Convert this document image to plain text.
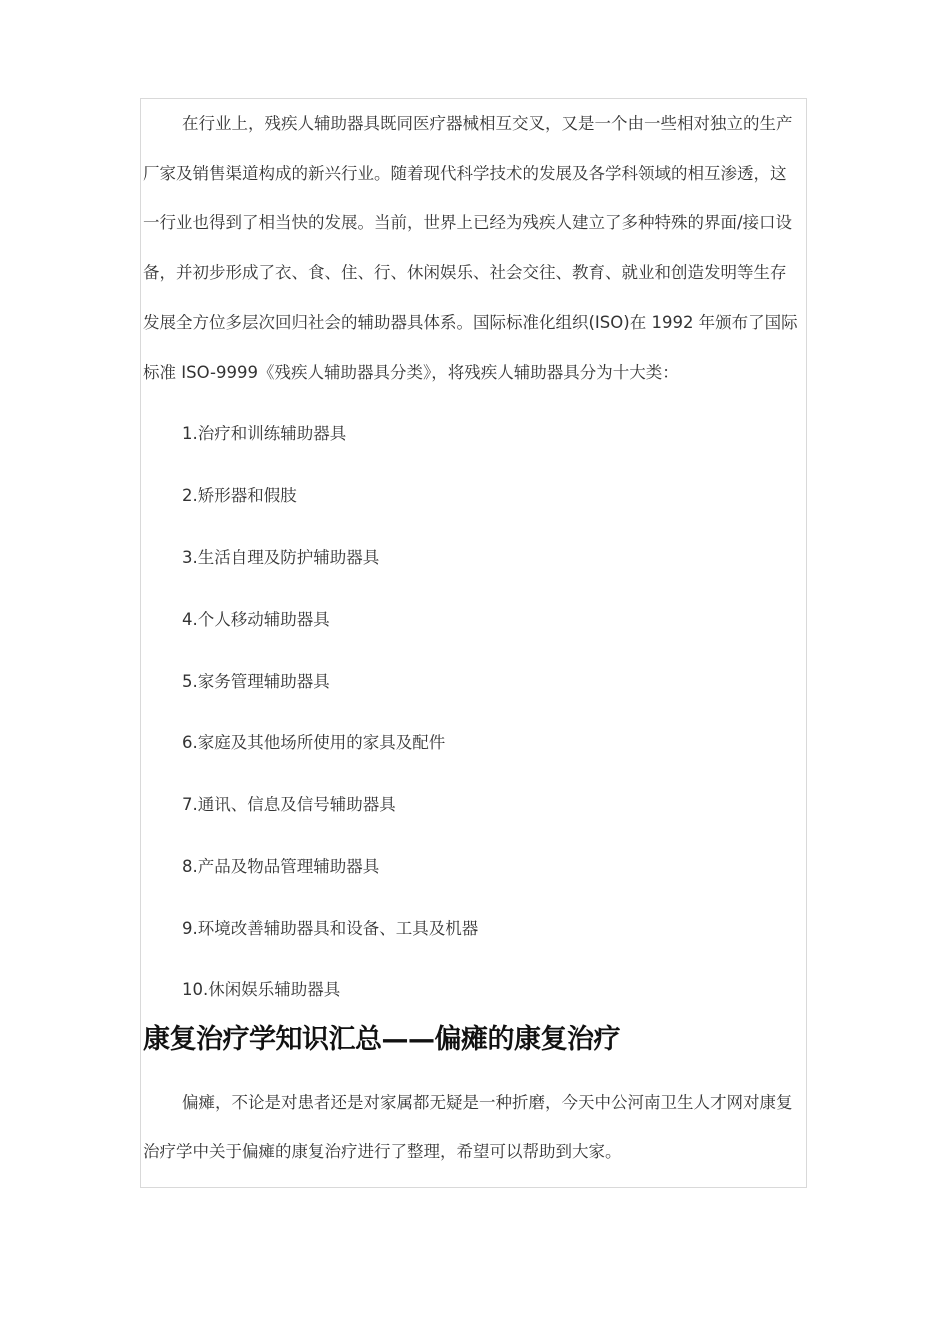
在行业上，残疾人辅助器具既同医疗器械相互交叉，又是一个由一些相对独立的生产
厂家及销售渠道构成的新兴行业。随着现代科学技术的发展及各学科领域的相互渗透，这
一行业也得到了相当快的发展。当前，世界上已经为残疾人建立了多种特殊的界面/接口设
备，并初步形成了衣、食、住、行、休闲娱乐、社会交往、教育、就业和创造发明等生存
发展全方位多层次回归社会的辅助器具体系。国际标准化组织(ISO)在 1992 年颁布了国际
标准 ISO-9999《残疾人辅助器具分类》，将残疾人辅助器具分为十大类：
1.治疗和训练辅助器具
2.矫形器和假肢
3.生活自理及防护辅助器具
4.个人移动辅助器具
5.家务管理辅助器具
6.家庭及其他场所使用的家具及配件
7.通讯、信息及信号辅助器具
8.产品及物品管理辅助器具
9.环境改善辅助器具和设备、工具及机器
10.休闲娱乐辅助器具
康复治疗学知识汇总——偏瘫的康复治疗
偏瘫，不论是对患者还是对家属都无疑是一种折磨，今天中公河南卫生人才网对康复
治疗学中关于偏瘫的康复治疗进行了整理，希望可以帮助到大家。
